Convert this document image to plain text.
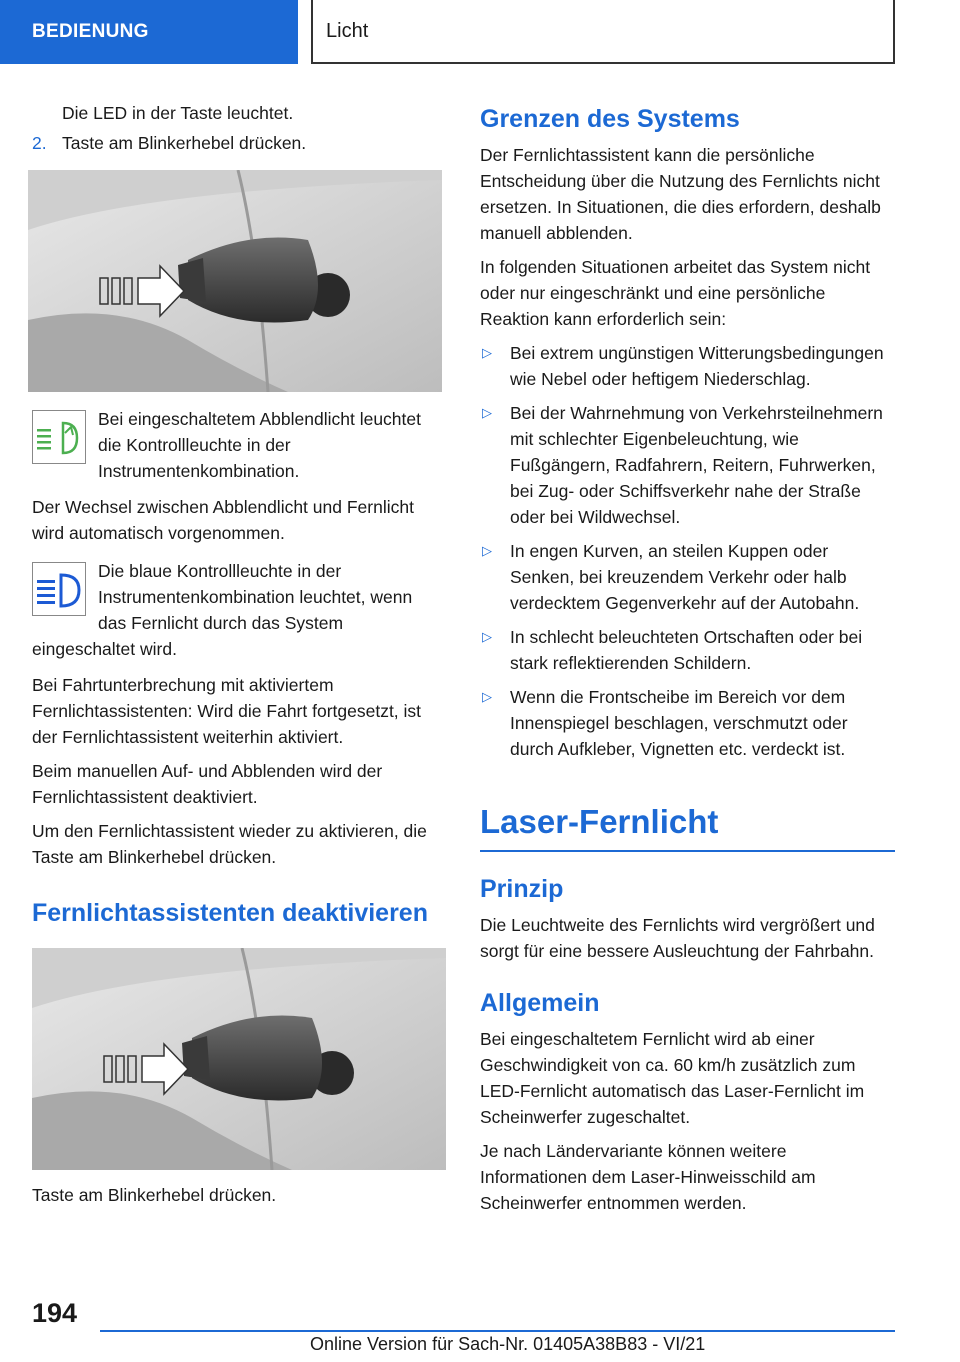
BEDIENUNG	Licht
Die LED in der Taste leuchtet.
2. Taste am Blinkerhebel drücken.
Bei eingeschaltetem Abblendlicht leuchtet die Kontrollleuchte in der Instrumentenkombination.

Der Wechsel zwischen Abblendlicht und Fernlicht wird automatisch vorgenommen.

Die blaue Kontrollleuchte in der Instrumentenkombination leuchtet, wenn das Fernlicht durch das System eingeschaltet wird.

Bei Fahrtunterbrechung mit aktiviertem Fernlichtassistenten: Wird die Fahrt fortgesetzt, ist der Fernlichtassistent weiterhin aktiviert.

Beim manuellen Auf- und Abblenden wird der Fernlichtassistent deaktiviert.

Um den Fernlichtassistent wieder zu aktivieren, die Taste am Blinkerhebel drücken.

Fernlichtassistenten deaktivieren

Taste am Blinkerhebel drücken.

Grenzen des Systems

Der Fernlichtassistent kann die persönliche Entscheidung über die Nutzung des Fernlichts nicht ersetzen. In Situationen, die dies erfordern, deshalb manuell abblenden.

In folgenden Situationen arbeitet das System nicht oder nur eingeschränkt und eine persönliche Reaktion kann erforderlich sein:

▷ Bei extrem ungünstigen Witterungsbedingungen wie Nebel oder heftigem Niederschlag.
▷ Bei der Wahrnehmung von Verkehrsteilnehmern mit schlechter Eigenbeleuchtung, wie Fußgängern, Radfahrern, Reitern, Fuhrwerken, bei Zug- oder Schiffsverkehr nahe der Straße oder bei Wildwechsel.
▷ In engen Kurven, an steilen Kuppen oder Senken, bei kreuzendem Verkehr oder halb verdecktem Gegenverkehr auf der Autobahn.
▷ In schlecht beleuchteten Ortschaften oder bei stark reflektierenden Schildern.
▷ Wenn die Frontscheibe im Bereich vor dem Innenspiegel beschlagen, verschmutzt oder durch Aufkleber, Vignetten etc. verdeckt ist.
Laser-Fernlicht
Prinzip

Die Leuchtweite des Fernlichts wird vergrößert und sorgt für eine bessere Ausleuchtung der Fahrbahn.

Allgemein

Bei eingeschaltetem Fernlicht wird ab einer Geschwindigkeit von ca. 60 km/h zusätzlich zum LED-Fernlicht automatisch das Laser-Fernlicht im Scheinwerfer zugeschaltet.

Je nach Ländervariante können weitere Informationen dem Laser-Hinweisschild am Scheinwerfer entnommen werden.

194
Online Version für Sach-Nr. 01405A38B83 - VI/21
